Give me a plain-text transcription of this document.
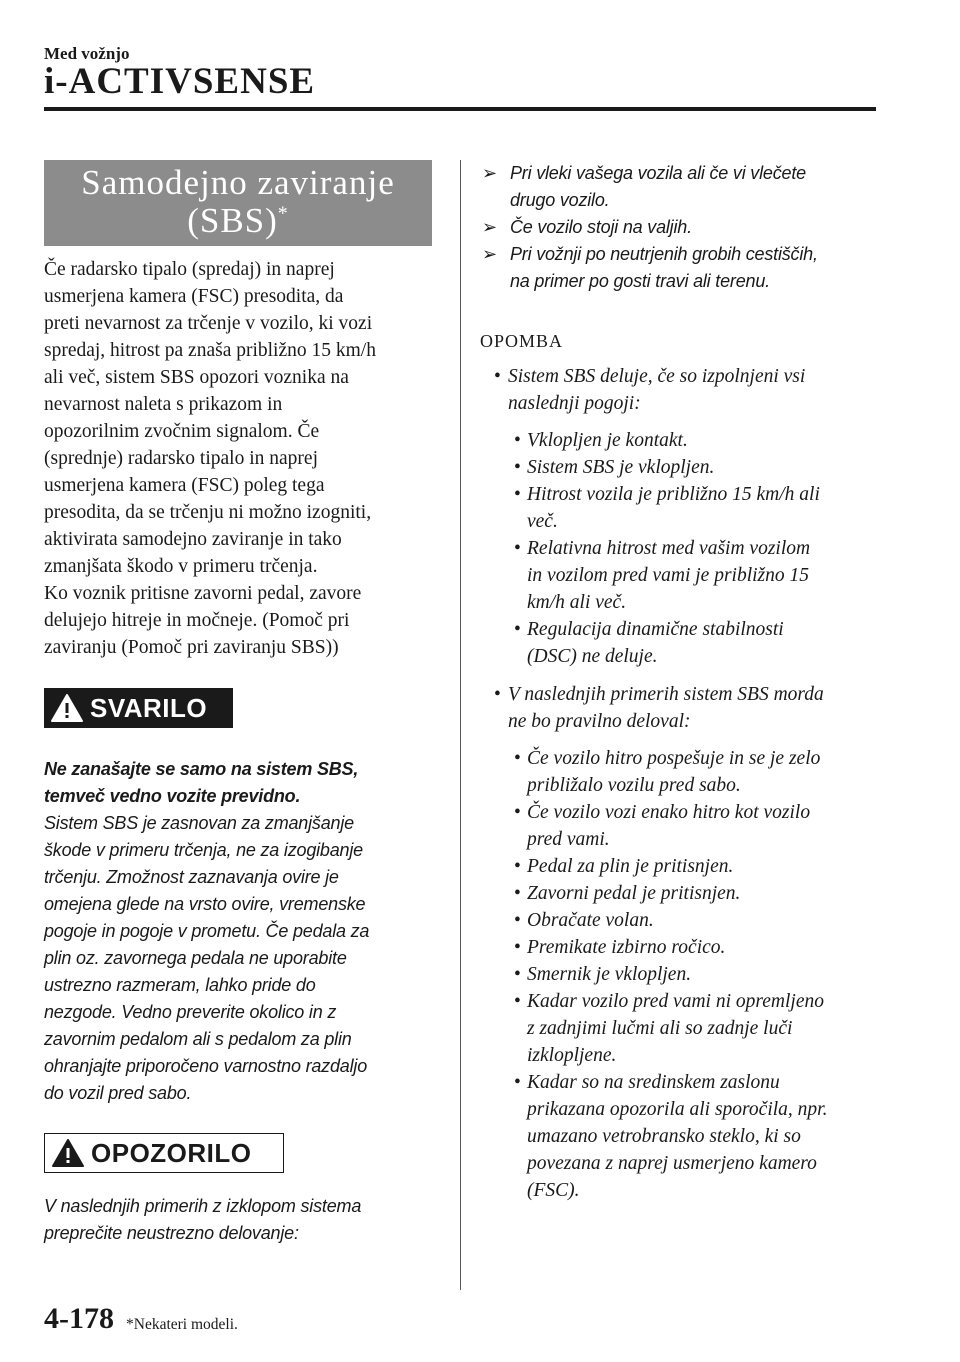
Med vožnjo
i-ACTIVSENSE
Samodejno zaviranje
(SBS)*
Če radarsko tipalo (spredaj) in naprej
usmerjena kamera (FSC) presodita, da
preti nevarnost za trčenje v vozilo, ki vozi
spredaj, hitrost pa znaša približno 15 km/h
ali več, sistem SBS opozori voznika na
nevarnost naleta s prikazom in
opozorilnim zvočnim signalom. Če
(sprednje) radarsko tipalo in naprej
usmerjena kamera (FSC) poleg tega
presodita, da se trčenju ni možno izogniti,
aktivirata samodejno zaviranje in tako
zmanjšata škodo v primeru trčenja.
Ko voznik pritisne zavorni pedal, zavore
delujejo hitreje in močneje. (Pomoč pri
zaviranju (Pomoč pri zaviranju SBS))
SVARILO
Ne zanašajte se samo na sistem SBS,
temveč vedno vozite previdno.
Sistem SBS je zasnovan za zmanjšanje
škode v primeru trčenja, ne za izogibanje
trčenju. Zmožnost zaznavanja ovire je
omejena glede na vrsto ovire, vremenske
pogoje in pogoje v prometu. Če pedala za
plin oz. zavornega pedala ne uporabite
ustrezno razmeram, lahko pride do
nezgode. Vedno preverite okolico in z
zavornim pedalom ali s pedalom za plin
ohranjajte priporočeno varnostno razdaljo
do vozil pred sabo.
OPOZORILO
V naslednjih primerih z izklopom sistema
preprečite neustrezno delovanje:
➢ Pri vleki vašega vozila ali če vi vlečete
drugo vozilo.
➢ Če vozilo stoji na valjih.
➢ Pri vožnji po neutrjenih grobih cestiščih,
na primer po gosti travi ali terenu.
OPOMBA
• Sistem SBS deluje, če so izpolnjeni vsi
naslednji pogoji:
• Vklopljen je kontakt.
• Sistem SBS je vklopljen.
• Hitrost vozila je približno 15 km/h ali
več.
• Relativna hitrost med vašim vozilom
in vozilom pred vami je približno 15
km/h ali več.
• Regulacija dinamične stabilnosti
(DSC) ne deluje.
• V naslednjih primerih sistem SBS morda
ne bo pravilno deloval:
• Če vozilo hitro pospešuje in se je zelo
približalo vozilu pred sabo.
• Če vozilo vozi enako hitro kot vozilo
pred vami.
• Pedal za plin je pritisnjen.
• Zavorni pedal je pritisnjen.
• Obračate volan.
• Premikate izbirno ročico.
• Smernik je vklopljen.
• Kadar vozilo pred vami ni opremljeno
z zadnjimi lučmi ali so zadnje luči
izklopljene.
• Kadar so na sredinskem zaslonu
prikazana opozorila ali sporočila, npr.
umazano vetrobransko steklo, ki so
povezana z naprej usmerjeno kamero
(FSC).
4-178 *Nekateri modeli.
